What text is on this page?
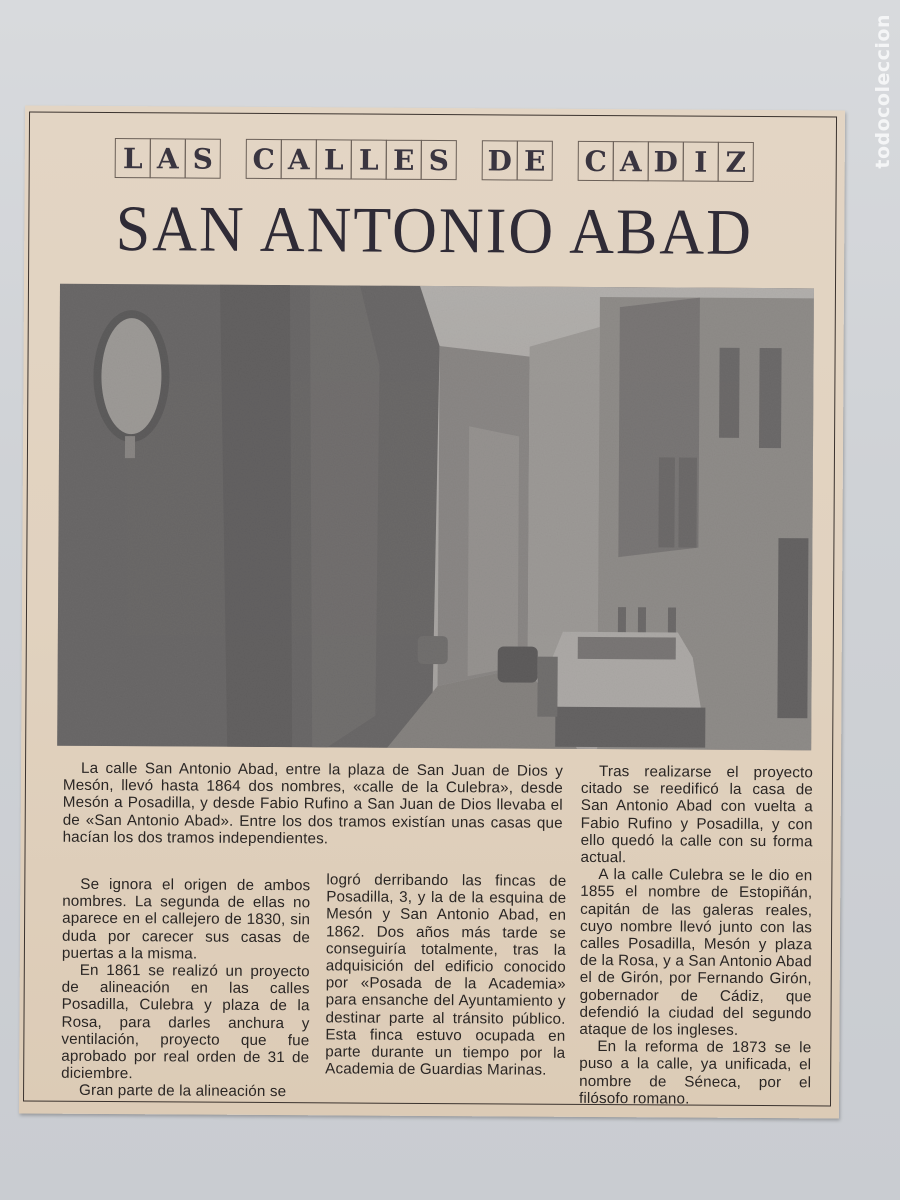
todocoleccion
L A S C A L L E S D E C A D I Z
SAN ANTONIO ABAD

La calle San Antonio Abad, entre la plaza de San Juan de Dios y Mesón, llevó hasta 1864 dos nombres, «calle de la Culebra», desde Mesón a Posadilla, y desde Fabio Rufino a San Juan de Dios llevaba el de «San Antonio Abad». Entre los dos tramos existían unas casas que hacían los dos tramos independientes.

Tras realizarse el proyecto citado se reedificó la casa de San Antonio Abad con vuelta a Fabio Rufino y Posadilla, y con ello quedó la calle con su forma actual.

A la calle Culebra se le dio en 1855 el nombre de Estopiñán, capitán de las galeras reales, cuyo nombre llevó junto con las calles Posadilla, Mesón y plaza de la Rosa, y a San Antonio Abad el de Girón, por Fernando Girón, gobernador de Cádiz, que defendió la ciudad del segundo ataque de los ingleses.

En la reforma de 1873 se le puso a la calle, ya unificada, el nombre de Séneca, por el filósofo romano.

Se ignora el origen de ambos nombres. La segunda de ellas no aparece en el callejero de 1830, sin duda por carecer sus casas de puertas a la misma.

En 1861 se realizó un proyecto de alineación en las calles Posadilla, Culebra y plaza de la Rosa, para darles anchura y ventilación, proyecto que fue aprobado por real orden de 31 de diciembre.

Gran parte de la alineación se

logró derribando las fincas de Posadilla, 3, y la de la esquina de Mesón y San Antonio Abad, en 1862. Dos años más tarde se conseguiría totalmente, tras la adquisición del edificio conocido por «Posada de la Academia» para ensanche del Ayuntamiento y destinar parte al tránsito público. Esta finca estuvo ocupada en parte durante un tiempo por la Academia de Guardias Marinas.
